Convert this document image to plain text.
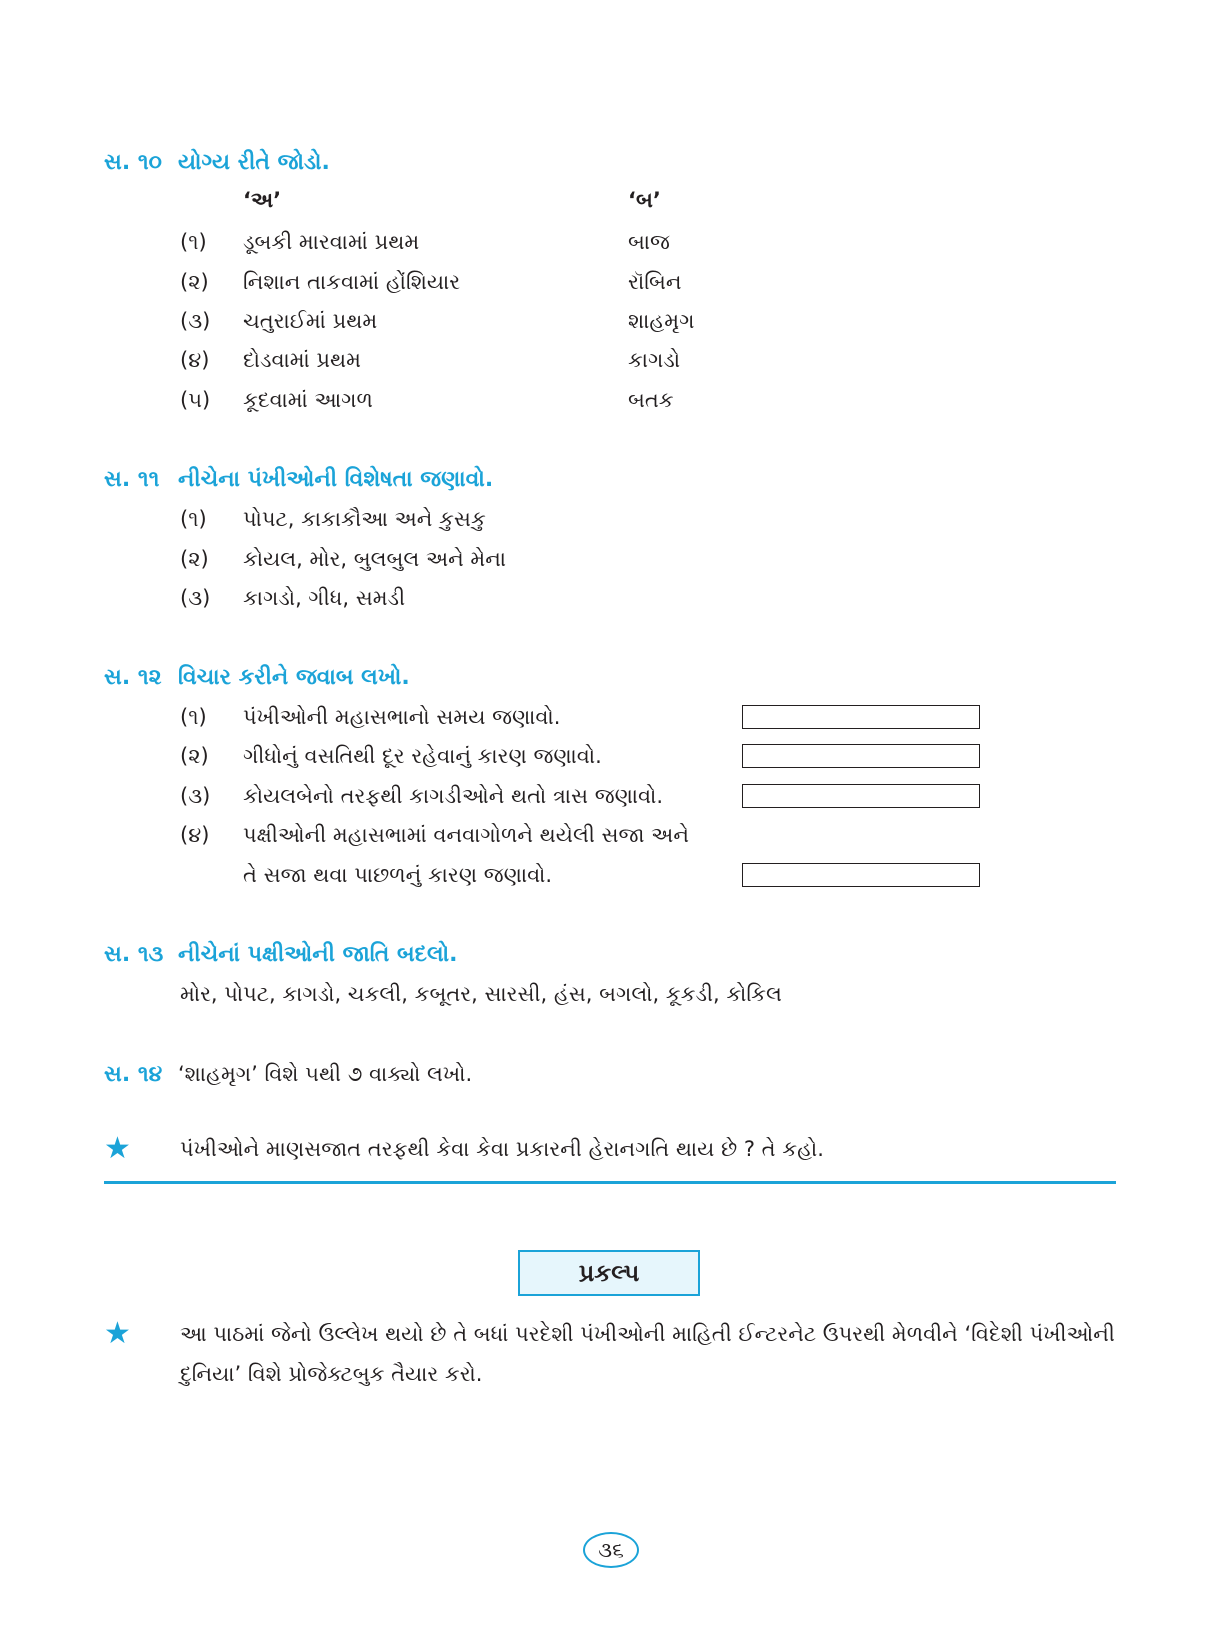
સ. ૧૦ યોગ્ય રીતે જોડો.
‘અ’	‘બ’
(૧) ડૂબકી મારવામાં પ્રથમ	બાજ
(૨) નિશાન તાકવામાં હોંશિયાર	રૉબિન
(૩) ચતુરાઈમાં પ્રથમ	શાહમૃગ
(૪) દોડવામાં પ્રથમ	કાગડો
(૫) કૂદવામાં આગળ	બતક
સ. ૧૧ નીચેના પંખીઓની વિશેષતા જણાવો.
(૧) પોપટ, કાકાકૌઆ અને કુસકુ
(૨) કોયલ, મોર, બુલબુલ અને મેના
(૩) કાગડો, ગીધ, સમડી
સ. ૧૨ વિચાર કરીને જવાબ લખો.
(૧) પંખીઓની મહાસભાનો સમય જણાવો.
(૨) ગીધોનું વસતિથી દૂર રહેવાનું કારણ જણાવો.
(૩) કોયલબેનો તરફથી કાગડીઓને થતો ત્રાસ જણાવો.
(૪) પક્ષીઓની મહાસભામાં વનવાગોળને થયેલી સજા અને
તે સજા થવા પાછળનું કારણ જણાવો.
સ. ૧૩ નીચેનાં પક્ષીઓની જાતિ બદલો.
મોર, પોપટ, કાગડો, ચકલી, કબૂતર, સારસી, હંસ, બગલો, કૂકડી, કોકિલ
સ. ૧૪ ‘શાહમૃગ’ વિશે ૫થી ૭ વાક્યો લખો.
★ પંખીઓને માણસજાત તરફથી કેવા કેવા પ્રકારની હેરાનગતિ થાય છે ? તે કહો.
પ્રકલ્પ
★ આ પાઠમાં જેનો ઉલ્લેખ થયો છે તે બધાં પરદેશી પંખીઓની માહિતી ઈન્ટરનેટ ઉપરથી મેળવીને ‘વિદેશી પંખીઓની
દુનિયા’ વિશે પ્રોજેક્ટબુક તૈયાર કરો.
૩૬
